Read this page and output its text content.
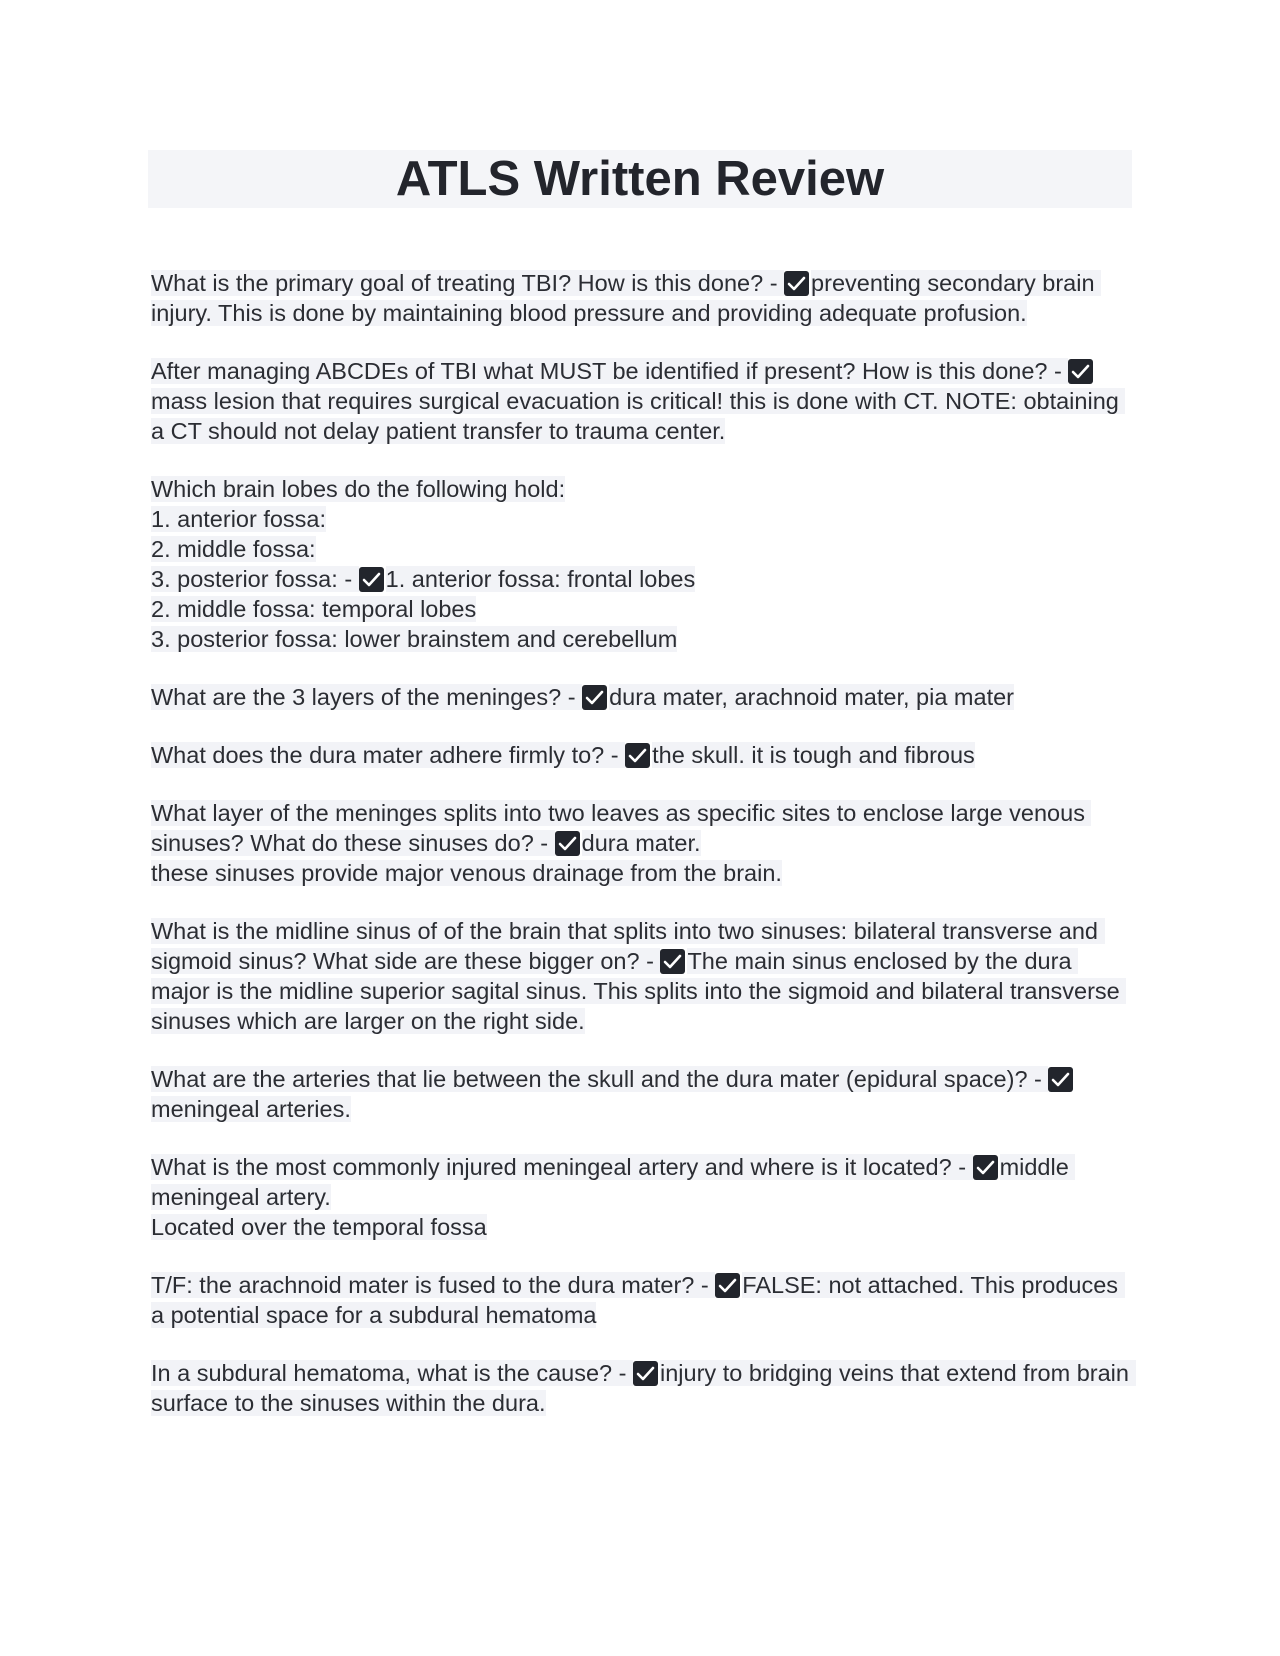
ATLS Written Review

What is the primary goal of treating TBI? How is this done? -
preventing secondary brain injury. This is done by maintaining blood pressure and providing adequate profusion.

After managing ABCDEs of TBI what MUST be identified if present? How is this done? -
mass lesion that requires surgical evacuation is critical! this is done with CT. NOTE: obtaining a CT should not delay patient transfer to trauma center.

Which brain lobes do the following hold:
1. anterior fossa:
2. middle fossa:
3. posterior fossa: -
1. anterior fossa: frontal lobes
2. middle fossa: temporal lobes
3. posterior fossa: lower brainstem and cerebellum

What are the 3 layers of the meninges? -
dura mater, arachnoid mater, pia mater

What does the dura mater adhere firmly to? -
the skull. it is tough and fibrous

What layer of the meninges splits into two leaves as specific sites to enclose large venous sinuses? What do these sinuses do? -
dura mater.
these sinuses provide major venous drainage from the brain.

What is the midline sinus of of the brain that splits into two sinuses: bilateral transverse and sigmoid sinus? What side are these bigger on? -
The main sinus enclosed by the dura major is the midline superior sagital sinus. This splits into the sigmoid and bilateral transverse sinuses which are larger on the right side.

What are the arteries that lie between the skull and the dura mater (epidural space)? -
meningeal arteries.

What is the most commonly injured meningeal artery and where is it located? -
middle meningeal artery.
Located over the temporal fossa

T/F: the arachnoid mater is fused to the dura mater? -
FALSE: not attached. This produces a potential space for a subdural hematoma

In a subdural hematoma, what is the cause? -
injury to bridging veins that extend from brain surface to the sinuses within the dura.
